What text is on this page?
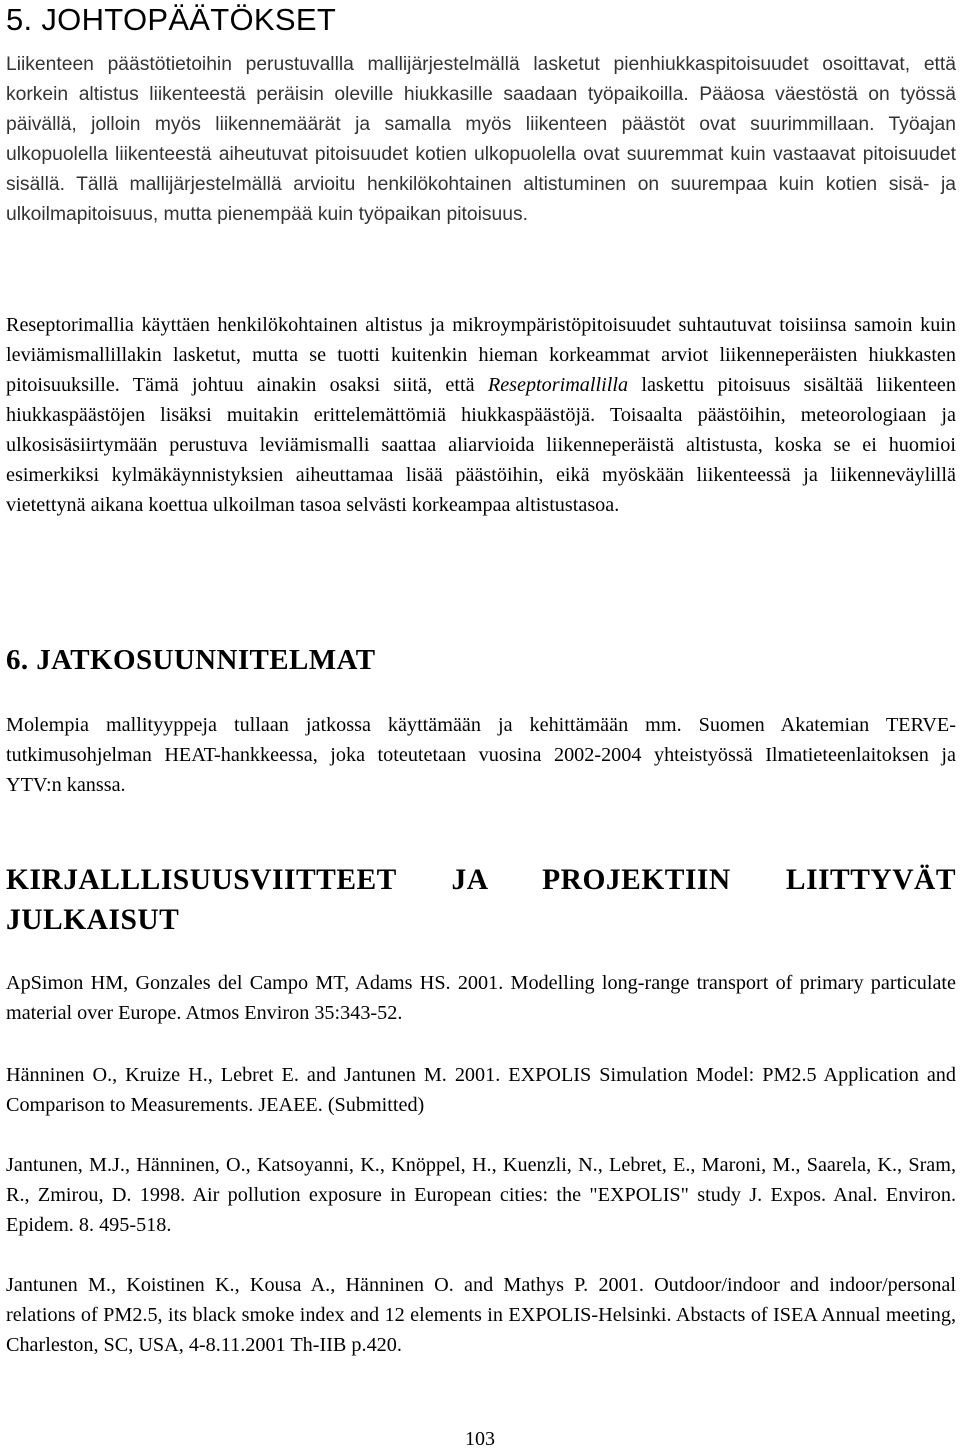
5. JOHTOPÄÄTÖKSET

Liikenteen päästötietoihin perustuvallla mallijärjestelmällä lasketut pienhiukkaspitoisuudet osoittavat, että korkein altistus liikenteestä peräisin oleville hiukkasille saadaan työpaikoilla. Pääosa väestöstä on työssä päivällä, jolloin myös liikennemäärät ja samalla myös liikenteen päästöt ovat suurimmillaan. Työajan ulkopuolella liikenteestä aiheutuvat pitoisuudet kotien ulkopuolella ovat suuremmat kuin vastaavat pitoisuudet sisällä. Tällä mallijärjestelmällä arvioitu henkilökohtainen altistuminen on suurempaa kuin kotien sisä- ja ulkoilmapitoisuus, mutta pienempää kuin työpaikan pitoisuus.

Reseptorimallia käyttäen henkilökohtainen altistus ja mikroympäristöpitoisuudet suhtautuvat toisiinsa samoin kuin leviämismallillakin lasketut, mutta se tuotti kuitenkin hieman korkeammat arviot liikenneperäisten hiukkasten pitoisuuksille. Tämä johtuu ainakin osaksi siitä, että Reseptorimallilla laskettu pitoisuus sisältää liikenteen hiukkaspäästöjen lisäksi muitakin erittelemättömiä hiukkaspäästöjä. Toisaalta päästöihin, meteorologiaan ja ulkosisäsiirtymään perustuva leviämismalli saattaa aliarvioida liikenneperäistä altistusta, koska se ei huomioi esimerkiksi kylmäkäynnistyksien aiheuttamaa lisää päästöihin, eikä myöskään liikenteessä ja liikenneväylillä vietettynä aikana koettua ulkoilman tasoa selvästi korkeampaa altistustasoa.

6. JATKOSUUNNITELMAT

Molempia mallityyppeja tullaan jatkossa käyttämään ja kehittämään mm. Suomen Akatemian TERVE-tutkimusohjelman HEAT-hankkeessa, joka toteutetaan vuosina 2002-2004 yhteistyössä Ilmatieteenlaitoksen ja YTV:n kanssa.

KIRJALLLISUUSVIITTEET JA PROJEKTIIN LIITTYVÄT JULKAISUT

ApSimon HM, Gonzales del Campo MT, Adams HS. 2001. Modelling long-range transport of primary particulate material over Europe. Atmos Environ 35:343-52.

Hänninen O., Kruize H., Lebret E. and Jantunen M. 2001. EXPOLIS Simulation Model: PM2.5 Application and Comparison to Measurements. JEAEE. (Submitted)

Jantunen, M.J., Hänninen, O., Katsoyanni, K., Knöppel, H., Kuenzli, N., Lebret, E., Maroni, M., Saarela, K., Sram, R., Zmirou, D. 1998. Air pollution exposure in European cities: the "EXPOLIS" study J. Expos. Anal. Environ. Epidem. 8. 495-518.

Jantunen M., Koistinen K., Kousa A., Hänninen O. and Mathys P. 2001. Outdoor/indoor and indoor/personal relations of PM2.5, its black smoke index and 12 elements in EXPOLIS-Helsinki. Abstacts of ISEA Annual meeting, Charleston, SC, USA, 4-8.11.2001 Th-IIB p.420.

103
